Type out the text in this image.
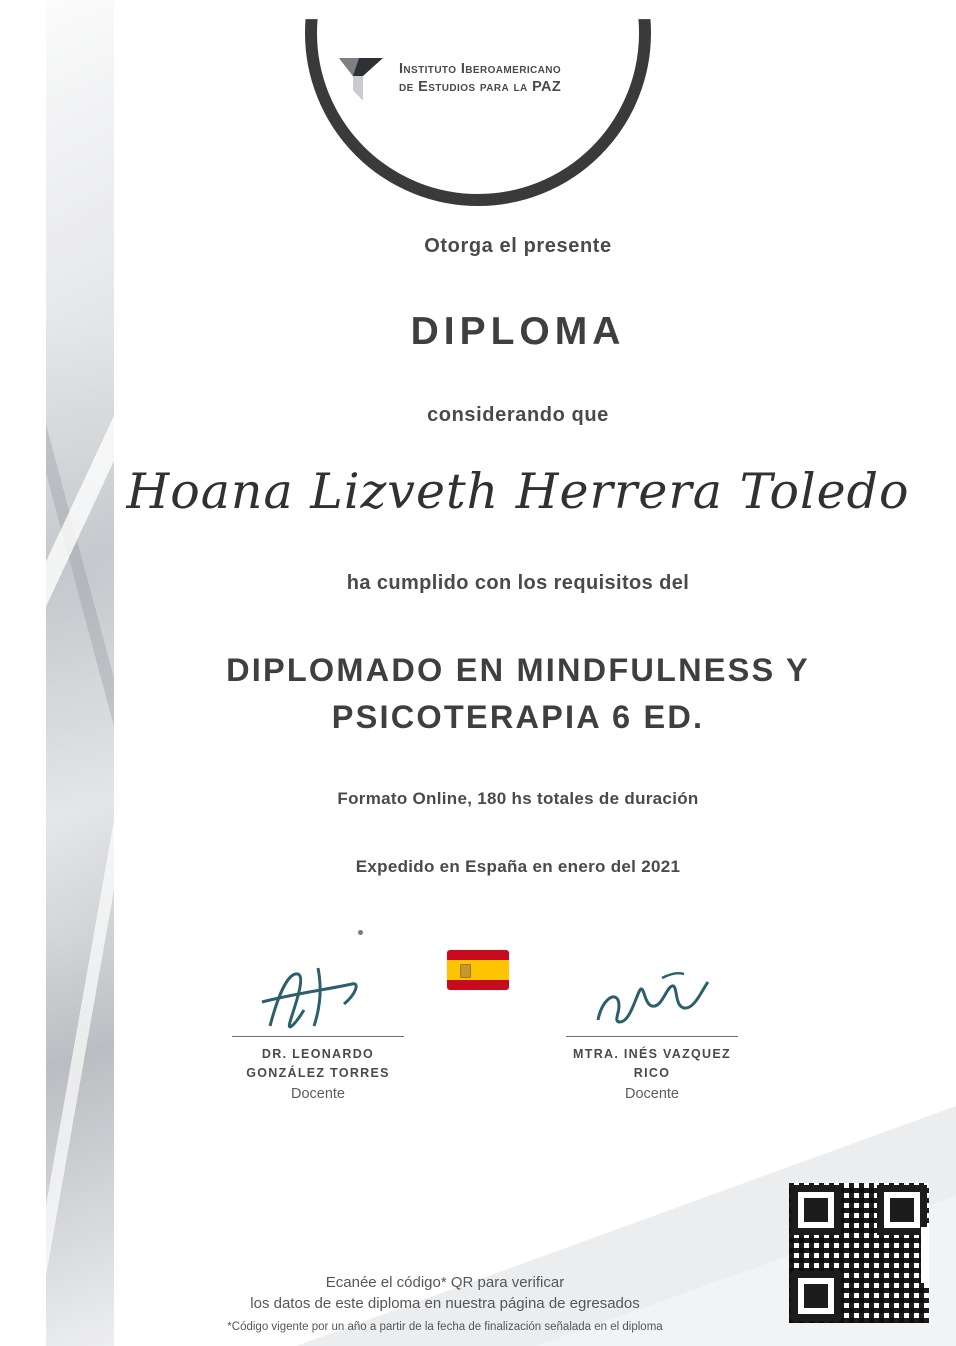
Instituto Iberoamericano
de Estudios para la PAZ
Otorga el presente
DIPLOMA
considerando que
Hoana Lizveth Herrera Toledo
ha cumplido con los requisitos del
DIPLOMADO EN MINDFULNESS Y PSICOTERAPIA 6 ED.
Formato Online, 180 hs totales de duración
Expedido en España en enero del 2021
DR. LEONARDO GONZÁLEZ TORRES
Docente
MTRA. INÉS VAZQUEZ RICO
Docente
Ecanée el código* QR para verificar
los datos de este diploma en nuestra página de egresados
*Código vigente por un año a partir de la fecha de finalización señalada en el diploma
